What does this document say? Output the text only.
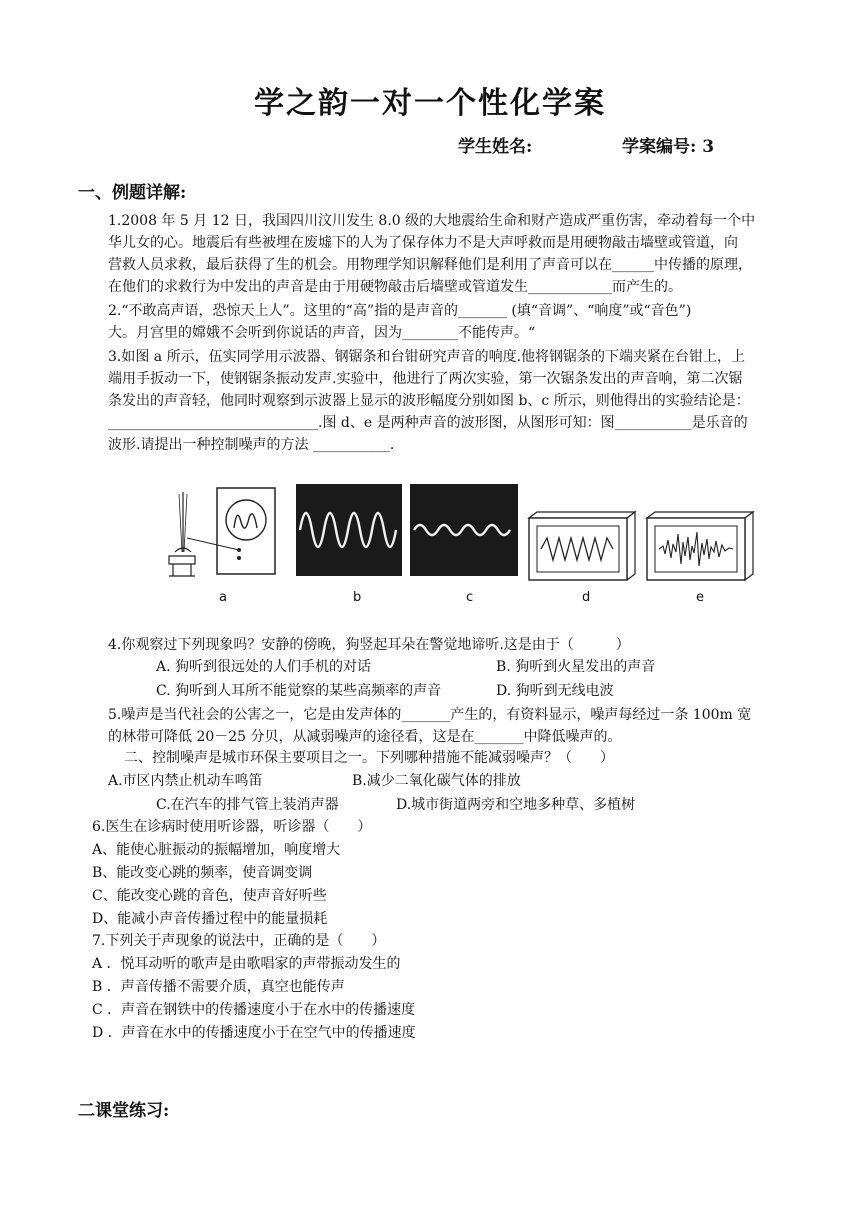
学之韵一对一个性化学案
学生姓名:	学案编号: 3
一、例题详解:
1.2008 年 5 月 12 日，我国四川汶川发生 8.0 级的大地震给生命和财产造成严重伤害，牵动着每一个中
华儿女的心。地震后有些被埋在废墟下的人为了保存体力不是大声呼救而是用硬物敲击墙壁或管道，向
营救人员求救，最后获得了生的机会。用物理学知识解释他们是利用了声音可以在______中传播的原理，
在他们的求救行为中发出的声音是由于用硬物敲击后墙壁或管道发生____________而产生的。
2.“不敢高声语，恐惊天上人”。这里的“高”指的是声音的_______ (填“音调”、“响度”或“音色”)
大。月宫里的嫦娥不会听到你说话的声音，因为________不能传声。“
3.如图 a 所示，伍实同学用示波器、钢锯条和台钳研究声音的响度.他将钢锯条的下端夹紧在台钳上，上
端用手扳动一下，使钢锯条振动发声.实验中，他进行了两次实验，第一次锯条发出的声音响，第二次锯
条发出的声音轻，他同时观察到示波器上显示的波形幅度分别如图 b、c 所示，则他得出的实验结论是：
______________________________.图 d、e 是两种声音的波形图，从图形可知：图___________是乐音的
波形.请提出一种控制噪声的方法 ___________.
a	b	c	d	e
4.你观察过下列现象吗？安静的傍晚，狗竖起耳朵在警觉地谛听.这是由于（　　　）
A. 狗听到很远处的人们手机的对话	B. 狗听到火星发出的声音
C. 狗听到人耳所不能觉察的某些高频率的声音	D. 狗听到无线电波
5.噪声是当代社会的公害之一，它是由发声体的_______产生的，有资料显示，噪声每经过一条 100m 宽
的林带可降低 20－25 分贝，从减弱噪声的途径看，这是在_______中降低噪声的。
二、控制噪声是城市环保主要项目之一。下列哪种措施不能减弱噪声？（　　）
A.市区内禁止机动车鸣笛	B.减少二氧化碳气体的排放
C.在汽车的排气管上装消声器	D.城市街道两旁和空地多种草、多植树
6.医生在诊病时使用听诊器，听诊器（　　）
A、能使心脏振动的振幅增加，响度增大
B、能改变心跳的频率，使音调变调
C、能改变心跳的音色，使声音好听些
D、能减小声音传播过程中的能量损耗
7.下列关于声现象的说法中，正确的是（　　）
A ．悦耳动听的歌声是由歌唱家的声带振动发生的
B ．声音传播不需要介质，真空也能传声
C ．声音在钢铁中的传播速度小于在水中的传播速度
D ．声音在水中的传播速度小于在空气中的传播速度
二课堂练习:
